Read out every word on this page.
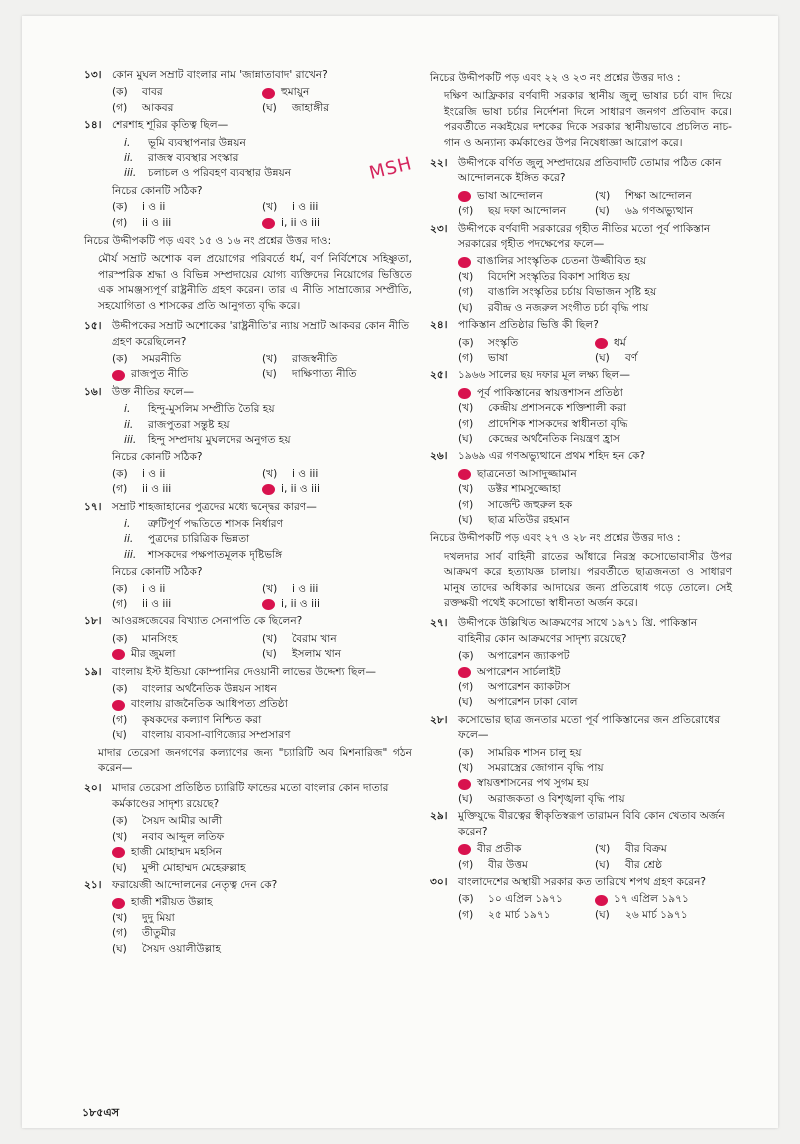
১৩। কোন মুঘল সম্রাট বাংলার নাম 'জান্নাতাবাদ' রাখেন?
(ক)	বাবর	হুমায়ুন
(গ)	আকবর	(ঘ)	জাহাঙ্গীর
১৪। শেরশাহ শূরির কৃতিত্ব ছিল—
i.	ভূমি ব্যবস্থাপনার উন্নয়ন
ii.	রাজস্ব ব্যবস্থার সংস্কার
iii.	চলাচল ও পরিবহণ ব্যবস্থার উন্নয়ন
নিচের কোনটি সঠিক?
(ক)	i ও ii	(খ)	i ও iii
(গ)	ii ও iii	i, ii ও iii
নিচের উদ্দীপকটি পড় এবং ১৫ ও ১৬ নং প্রশ্নের উত্তর দাও:
মৌর্য সম্রাট অশোক বল প্রয়োগের পরিবর্তে ধর্ম, বর্ণ নির্বিশেষে সহিষ্ণুতা, পারস্পরিক শ্রদ্ধা ও বিভিন্ন সম্প্রদায়ের যোগ্য ব্যক্তিদের নিয়োগের ভিত্তিতে এক সামঞ্জস্যপূর্ণ রাষ্ট্রনীতি গ্রহণ করেন। তার এ নীতি সাম্রাজ্যের সম্প্রীতি, সহযোগিতা ও শাসকের প্রতি আনুগত্য বৃদ্ধি করে।
১৫। উদ্দীপকের সম্রাট অশোকের 'রাষ্ট্রনীতি'র ন্যায় সম্রাট আকবর কোন নীতি গ্রহণ করেছিলেন?
(ক)	সমরনীতি	(খ)	রাজস্বনীতি
রাজপুত নীতি	(ঘ)	দাক্ষিণাত্য নীতি
১৬। উক্ত নীতির ফলে—
i.	হিন্দু-মুসলিম সম্প্রীতি তৈরি হয়
ii.	রাজপুতরা সন্তুষ্ট হয়
iii.	হিন্দু সম্প্রদায় মুঘলদের অনুগত হয়
নিচের কোনটি সঠিক?
(ক)	i ও ii	(খ)	i ও iii
(গ)	ii ও iii	i, ii ও iii
১৭। সম্রাট শাহজাহানের পুত্রদের মধ্যে দ্বন্দ্বের কারণ—
i.	ত্রুটিপূর্ণ পদ্ধতিতে শাসক নির্ধারণ
ii.	পুত্রদের চারিত্রিক ভিন্নতা
iii.	শাসকদের পক্ষপাতমূলক দৃষ্টিভঙ্গি
নিচের কোনটি সঠিক?
(ক)	i ও ii	(খ)	i ও iii
(গ)	ii ও iii	i, ii ও iii
১৮। আওরঙ্গজেবের বিখ্যাত সেনাপতি কে ছিলেন?
(ক)	মানসিংহ	(খ)	বৈরাম খান
মীর জুমলা	(ঘ)	ইসলাম খান
১৯। বাংলায় ইস্ট ইন্ডিয়া কোম্পানির দেওয়ানী লাভের উদ্দেশ্য ছিল—
(ক)	বাংলার অর্থনৈতিক উন্নয়ন সাধন
বাংলায় রাজনৈতিক আধিপত্য প্রতিষ্ঠা
(গ)	কৃষকদের কল্যাণ নিশ্চিত করা
(ঘ)	বাংলায় ব্যবসা-বাণিজ্যের সম্প্রসারণ
মাদার তেরেসা জনগণের কল্যাণের জন্য "চ্যারিটি অব মিশনারিজ" গঠন করেন—
২০। মাদার তেরেসা প্রতিষ্ঠিত চ্যারিটি ফান্ডের মতো বাংলার কোন দাতার কর্মকাণ্ডের সাদৃশ্য রয়েছে?
(ক)	সৈয়দ আমীর আলী
(খ)	নবাব আব্দুল লতিফ
হাজী মোহাম্মদ মহসিন
(ঘ)	মুন্সী মোহাম্মদ মেহেরুল্লাহ
২১। ফরায়েজী আন্দোলনের নেতৃত্ব দেন কে?
হাজী শরীয়ত উল্লাহ
(খ)	দুদু মিয়া
(গ)	তীতুমীর
(ঘ)	সৈয়দ ওয়ালীউল্লাহ
নিচের উদ্দীপকটি পড় এবং ২২ ও ২৩ নং প্রশ্নের উত্তর দাও :
দক্ষিণ আফ্রিকার বর্ণবাদী সরকার স্থানীয় জুলু ভাষার চর্চা বাদ দিয়ে ইংরেজি ভাষা চর্চার নির্দেশনা দিলে সাধারণ জনগণ প্রতিবাদ করে। পরবর্তীতে নব্বইয়ের দশকের দিকে সরকার স্থানীয়ভাবে প্রচলিত নাচ-গান ও অন্যান্য কর্মকাণ্ডের উপর নিষেধাজ্ঞা আরোপ করে।
২২। উদ্দীপকে বর্ণিত জুলু সম্প্রদায়ের প্রতিবাদটি তোমার পঠিত কোন আন্দোলনকে ইঙ্গিত করে?
ভাষা আন্দোলন	(খ)	শিক্ষা আন্দোলন
(গ)	ছয় দফা আন্দোলন	(ঘ)	৬৯ গণঅভ্যুত্থান
২৩। উদ্দীপকে বর্ণবাদী সরকারের গৃহীত নীতির মতো পূর্ব পাকিস্তান সরকারের গৃহীত পদক্ষেপের ফলে—
বাঙালির সাংস্কৃতিক চেতনা উজ্জীবিত হয়
(খ)	বিদেশি সংস্কৃতির বিকাশ সাধিত হয়
(গ)	বাঙালি সংস্কৃতির চর্চায় বিভাজন সৃষ্টি হয়
(ঘ)	রবীন্দ্র ও নজরুল সংগীত চর্চা বৃদ্ধি পায়
২৪। পাকিস্তান প্রতিষ্ঠার ভিত্তি কী ছিল?
(ক)	সংস্কৃতি	ধর্ম
(গ)	ভাষা	(ঘ)	বর্ণ
২৫। ১৯৬৬ সালের ছয় দফার মূল লক্ষ্য ছিল—
পূর্ব পাকিস্তানের স্বায়ত্তশাসন প্রতিষ্ঠা
(খ)	কেন্দ্রীয় প্রশাসনকে শক্তিশালী করা
(গ)	প্রাদেশিক শাসকদের স্বাধীনতা বৃদ্ধি
(ঘ)	কেন্দ্রের অর্থনৈতিক নিয়ন্ত্রণ হ্রাস
২৬। ১৯৬৯ এর গণঅভ্যুত্থানে প্রথম শহিদ হন কে?
ছাত্রনেতা আসাদুজ্জামান
(খ)	ডক্টর শামসুজ্জোহা
(গ)	সার্জেন্ট জহুরুল হক
(ঘ)	ছাত্র মতিউর রহমান
নিচের উদ্দীপকটি পড় এবং ২৭ ও ২৮ নং প্রশ্নের উত্তর দাও :
দখলদার সার্ব বাহিনী রাতের আঁধারে নিরস্ত্র কসোভোবাসীর উপর আক্রমণ করে হত্যাযজ্ঞ চালায়। পরবর্তীতে ছাত্রজনতা ও সাধারণ মানুষ তাদের অধিকার আদায়ের জন্য প্রতিরোধ গড়ে তোলে। সেই রক্তক্ষয়ী পথেই কসোভো স্বাধীনতা অর্জন করে।
২৭। উদ্দীপকে উল্লিখিত আক্রমণের সাথে ১৯৭১ খ্রি. পাকিস্তান বাহিনীর কোন আক্রমণের সাদৃশ্য রয়েছে?
(ক)	অপারেশন জ্যাকপট
অপারেশন সার্চলাইট
(গ)	অপারেশন ক্যাকটাস
(ঘ)	অপারেশন ঢাকা বোল
২৮। কসোভোর ছাত্র জনতার মতো পূর্ব পাকিস্তানের জন প্রতিরোধের ফলে—
(ক)	সামরিক শাসন চালু হয়
(খ)	সমরাস্ত্রের জোগান বৃদ্ধি পায়
স্বায়ত্তশাসনের পথ সুগম হয়
(ঘ)	অরাজকতা ও বিশৃঙ্খলা বৃদ্ধি পায়
২৯। মুক্তিযুদ্ধে বীরত্বের স্বীকৃতিস্বরূপ তারামন বিবি কোন খেতাব অর্জন করেন?
বীর প্রতীক	(খ)	বীর বিক্রম
(গ)	বীর উত্তম	(ঘ)	বীর শ্রেষ্ঠ
৩০। বাংলাদেশের অস্থায়ী সরকার কত তারিখে শপথ গ্রহণ করেন?
(ক)	১০ এপ্রিল ১৯৭১	১৭ এপ্রিল ১৯৭১
(গ)	২৫ মার্চ ১৯৭১	(ঘ)	২৬ মার্চ ১৯৭১
MSH
১৮৫এস
